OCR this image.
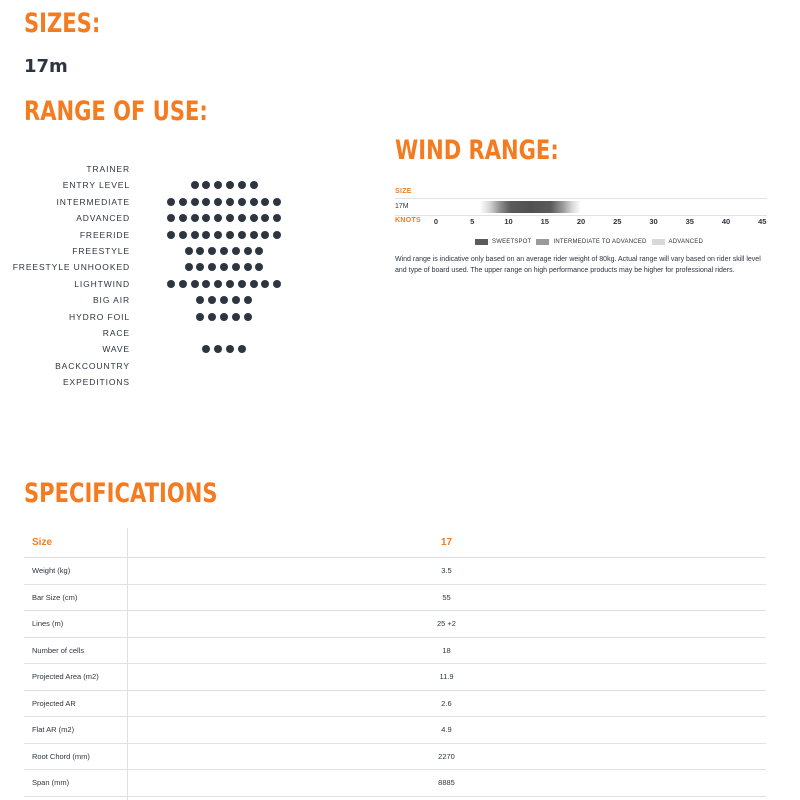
SIZES:
17m
RANGE OF USE:
TRAINER
ENTRY LEVEL
INTERMEDIATE
ADVANCED
FREERIDE
FREESTYLE
FREESTYLE UNHOOKED
LIGHTWIND
BIG AIR
HYDRO FOIL
RACE
WAVE
BACKCOUNTRY
EXPEDITIONS
WIND RANGE:
SIZE
17M
KNOTS 0	5	10	15	20	25	30	35	40	45
SWEETSPOT	INTERMEDIATE TO ADVANCED	ADVANCED

Wind range is indicative only based on an average rider weight of 80kg. Actual range will vary based on rider skill level and type of board used. The upper range on high performance products may be higher for professional riders.

SPECIFICATIONS
Size	17
Weight (kg)	3.5
Bar Size (cm)	55
Lines (m)	25 +2
Number of cells	18
Projected Area (m2)	11.9
Projected AR	2.6
Flat AR (m2)	4.9
Root Chord (mm)	2270
Span (mm)	8885
